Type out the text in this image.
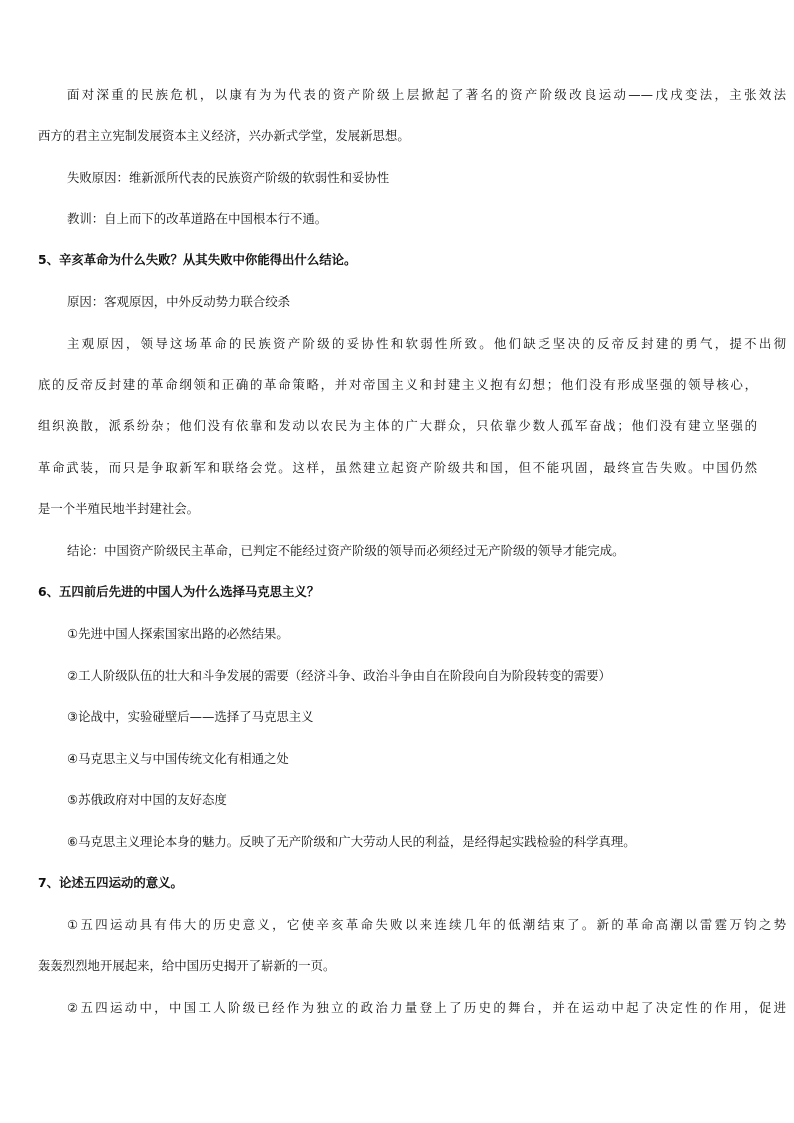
面对深重的民族危机，以康有为为代表的资产阶级上层掀起了著名的资产阶级改良运动——戊戌变法，主张效法
西方的君主立宪制发展资本主义经济，兴办新式学堂，发展新思想。
失败原因：维新派所代表的民族资产阶级的软弱性和妥协性
教训：自上而下的改革道路在中国根本行不通。
5、辛亥革命为什么失败？从其失败中你能得出什么结论。
原因：客观原因，中外反动势力联合绞杀
主观原因，领导这场革命的民族资产阶级的妥协性和软弱性所致。他们缺乏坚决的反帝反封建的勇气，提不出彻
底的反帝反封建的革命纲领和正确的革命策略，并对帝国主义和封建主义抱有幻想；他们没有形成坚强的领导核心，
组织涣散，派系纷杂；他们没有依靠和发动以农民为主体的广大群众，只依靠少数人孤军奋战；他们没有建立坚强的
革命武装，而只是争取新军和联络会党。这样，虽然建立起资产阶级共和国，但不能巩固，最终宣告失败。中国仍然
是一个半殖民地半封建社会。
结论：中国资产阶级民主革命，已判定不能经过资产阶级的领导而必须经过无产阶级的领导才能完成。
6、五四前后先进的中国人为什么选择马克思主义？
①先进中国人探索国家出路的必然结果。
②工人阶级队伍的壮大和斗争发展的需要（经济斗争、政治斗争由自在阶段向自为阶段转变的需要）
③论战中，实验碰壁后——选择了马克思主义
④马克思主义与中国传统文化有相通之处
⑤苏俄政府对中国的友好态度
⑥马克思主义理论本身的魅力。反映了无产阶级和广大劳动人民的利益，是经得起实践检验的科学真理。
7、论述五四运动的意义。
①五四运动具有伟大的历史意义，它使辛亥革命失败以来连续几年的低潮结束了。新的革命高潮以雷霆万钧之势
轰轰烈烈地开展起来，给中国历史揭开了崭新的一页。
②五四运动中，中国工人阶级已经作为独立的政治力量登上了历史的舞台，并在运动中起了决定性的作用，促进
